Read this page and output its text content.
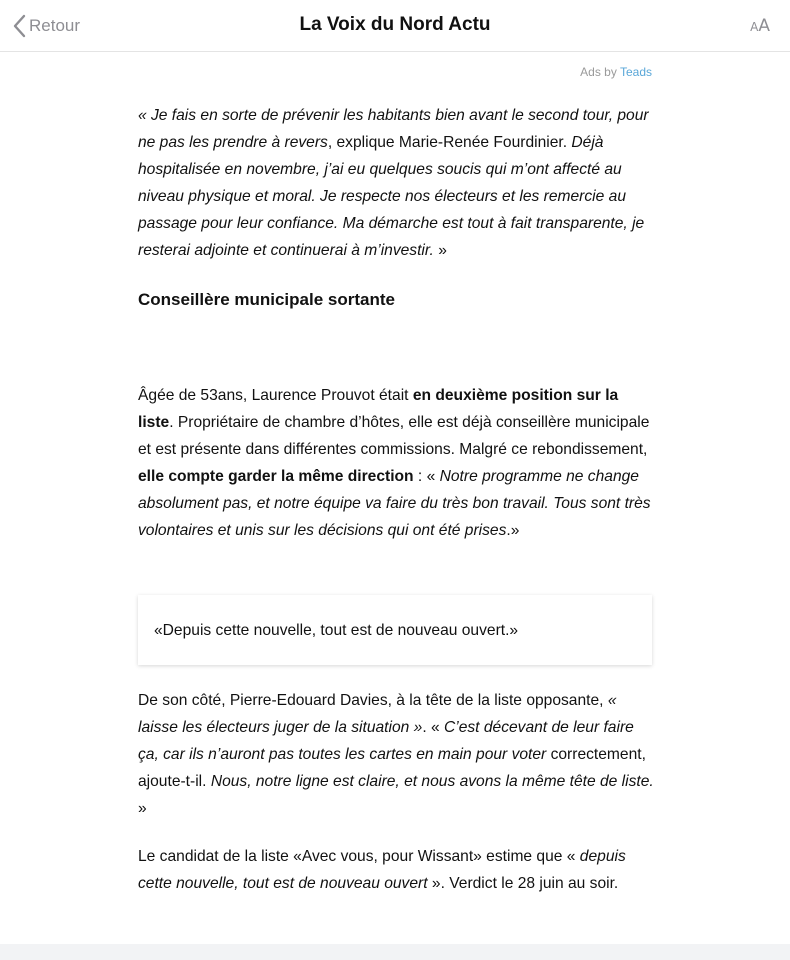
Retour	La Voix du Nord Actu	AA
Ads by Teads

« Je fais en sorte de prévenir les habitants bien avant le second tour, pour ne pas les prendre à revers, explique Marie-Renée Fourdinier. Déjà hospitalisée en novembre, j’ai eu quelques soucis qui m’ont affecté au niveau physique et moral. Je respecte nos électeurs et les remercie au passage pour leur confiance. Ma démarche est tout à fait transparente, je resterai adjointe et continuerai à m’investir. »

Conseillère municipale sortante

Âgée de 53ans, Laurence Prouvot était en deuxième position sur la liste. Propriétaire de chambre d’hôtes, elle est déjà conseillère municipale et est présente dans différentes commissions. Malgré ce rebondissement, elle compte garder la même direction : « Notre programme ne change absolument pas, et notre équipe va faire du très bon travail. Tous sont très volontaires et unis sur les décisions qui ont été prises.»

«Depuis cette nouvelle, tout est de nouveau ouvert.»

De son côté, Pierre-Edouard Davies, à la tête de la liste opposante, « laisse les électeurs juger de la situation ». « C’est décevant de leur faire ça, car ils n’auront pas toutes les cartes en main pour voter correctement, ajoute-t-il. Nous, notre ligne est claire, et nous avons la même tête de liste. »

Le candidat de la liste «Avec vous, pour Wissant» estime que « depuis cette nouvelle, tout est de nouveau ouvert ». Verdict le 28 juin au soir.
